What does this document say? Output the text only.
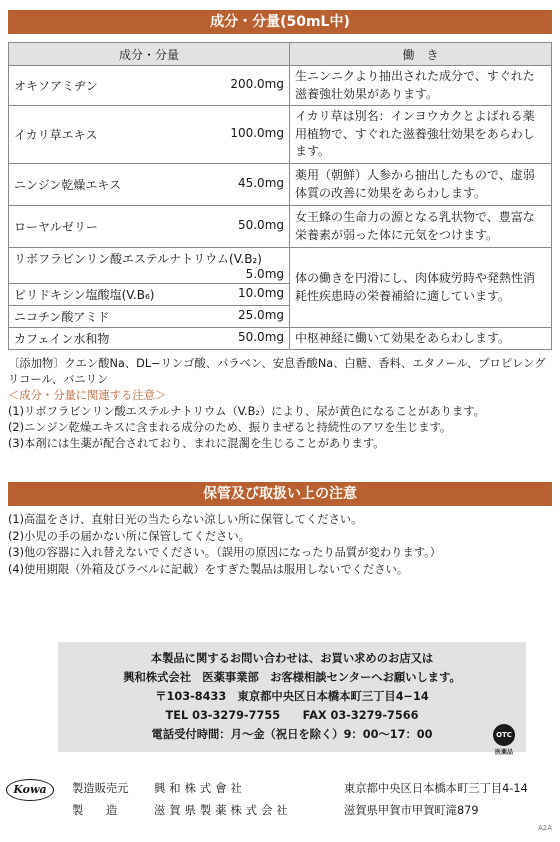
成分・分量(50mL中)
成分・分量	働　き

オキソアミヂン 200.0mg	生ニンニクより抽出された成分で、すぐれた滋養強壮効果があります。

イカリ草エキス 100.0mg	イカリ草は別名：インヨウカクとよばれる薬用植物で、すぐれた滋養強壮効果をあらわします。

ニンジン乾燥エキス 45.0mg	薬用（朝鮮）人参から抽出したもので、虚弱体質の改善に効果をあらわします。

ローヤルゼリー 50.0mg	女王蜂の生命力の源となる乳状物で、豊富な栄養素が弱った体に元気をつけます。

リボフラビンリン酸エステルナトリウム(V.B₂)
5.0mg	体の働きを円滑にし、肉体疲労時や発熱性消耗性疾患時の栄養補給に適しています。

ピリドキシン塩酸塩(V.B₆) 10.0mg	

ニコチン酸アミド 25.0mg	

カフェイン水和物 50.0mg	中枢神経に働いて効果をあらわします。
〔添加物〕クエン酸Na、DL−リンゴ酸、パラベン、安息香酸Na、白糖、香料、エタノール、プロピレングリコール、バニリン
＜成分・分量に関連する注意＞
(1)リボフラビンリン酸エステルナトリウム（V.B₂）により、尿が黄色になることがあります。
(2)ニンジン乾燥エキスに含まれる成分のため、振りまぜると持続性のアワを生じます。
(3)本剤には生薬が配合されており、まれに混濁を生じることがあります。
保管及び取扱い上の注意
(1)高温をさけ、直射日光の当たらない涼しい所に保管してください。
(2)小児の手の届かない所に保管してください。
(3)他の容器に入れ替えないでください。（誤用の原因になったり品質が変わります。）
(4)使用期限（外箱及びラベルに記載）をすぎた製品は服用しないでください。
本製品に関するお問い合わせは、お買い求めのお店又は
興和株式会社　医薬事業部　お客様相談センターへお願いします。
〒103-8433　東京都中央区日本橋本町三丁目4−14
TEL 03-3279-7755　　FAX 03-3279-7566
電話受付時間：月〜金（祝日を除く）9：00〜17：00	OTC
医薬品
Kowa	製造販売元 興和株式會社	東京都中央区日本橋本町三丁目4-14
製　　造	滋賀県製薬株式会社	滋賀県甲賀市甲賀町滝879
A2A
